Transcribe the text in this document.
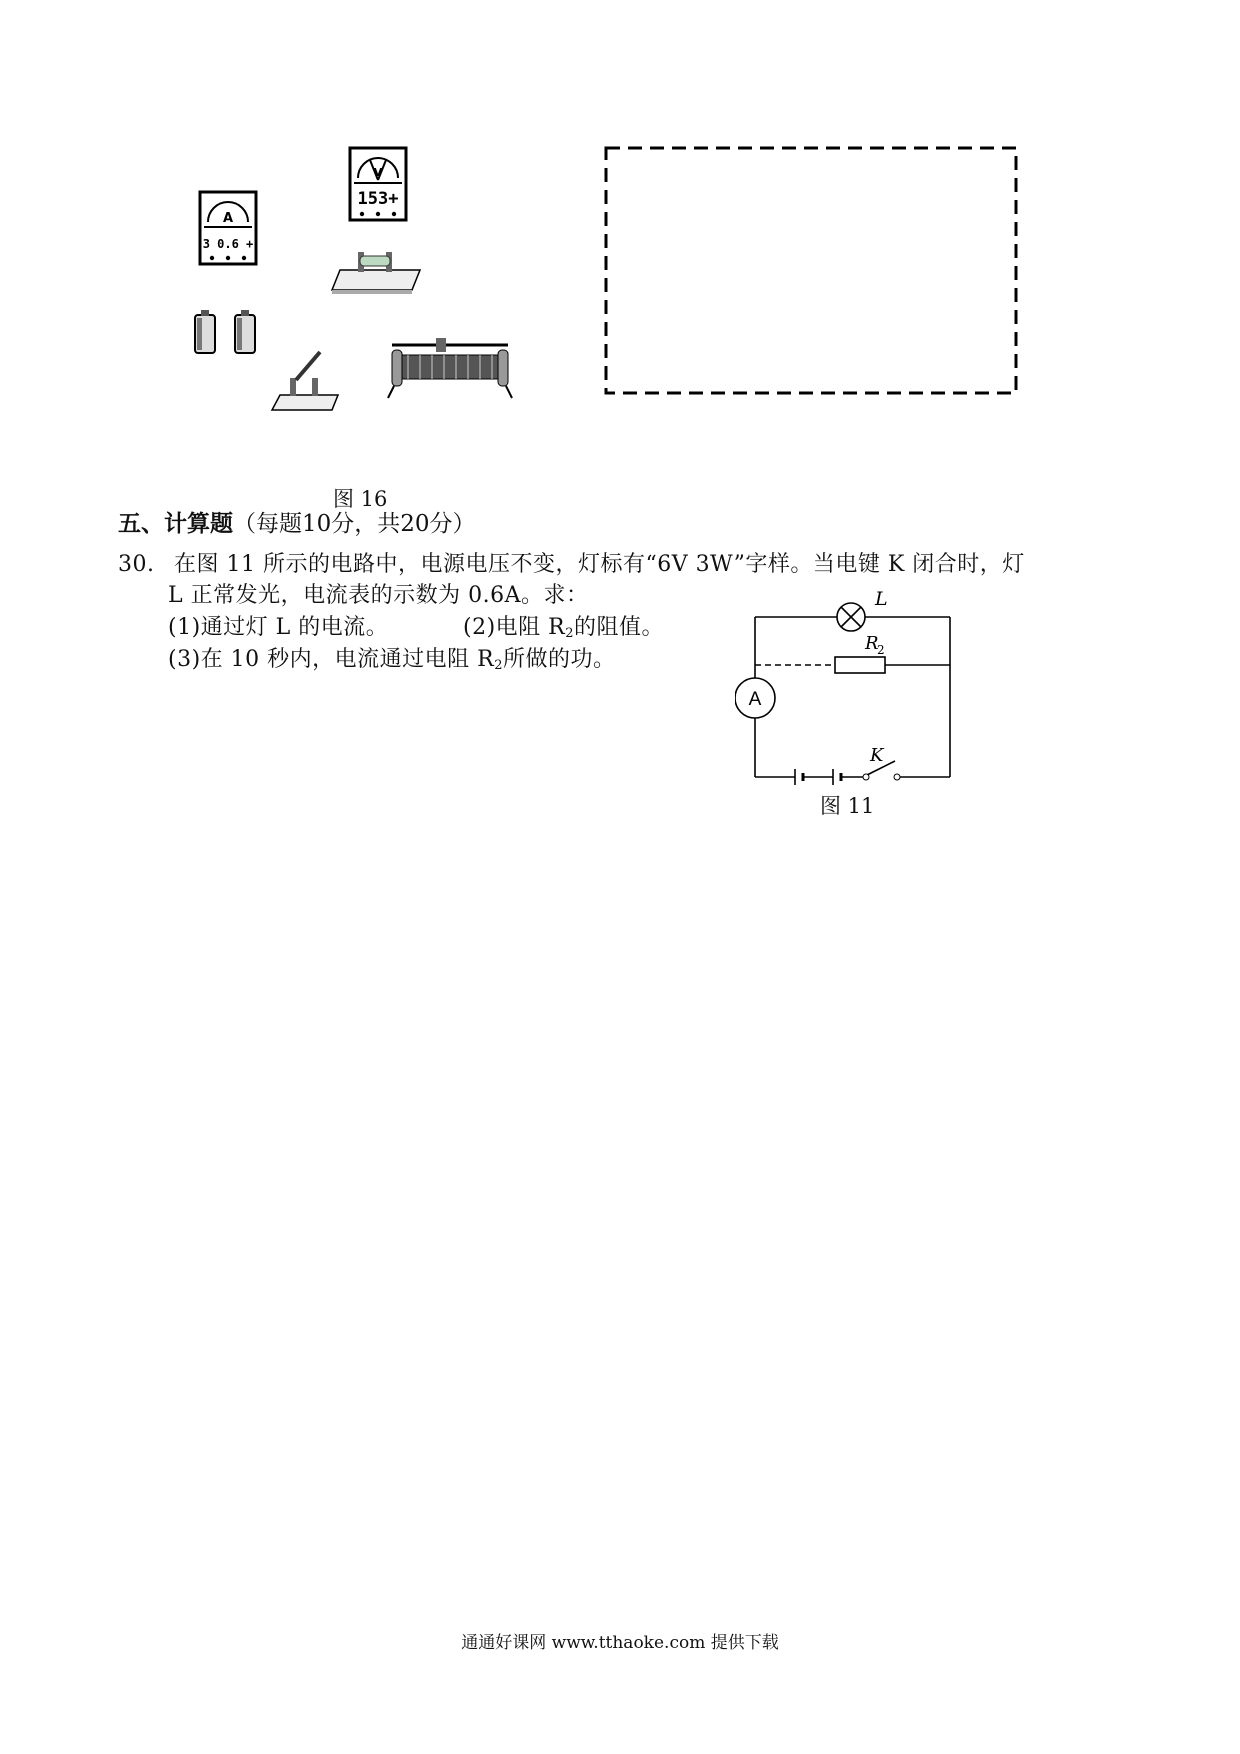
V
153+
A
3 0.6 +
图 16
五、计算题（每题10分，共20分）
30. 在图 11 所示的电路中，电源电压不变，灯标有“6V 3W”字样。当电键 K 闭合时，灯
L 正常发光，电流表的示数为 0.6A。求：
(1)通过灯 L 的电流。	(2)电阻 $R_2$的阻值。
(3)在 10 秒内，电流通过电阻 $R_2$所做的功。
L
R
2
A
K
图 11
通通好课网 www.tthaoke.com 提供下载
